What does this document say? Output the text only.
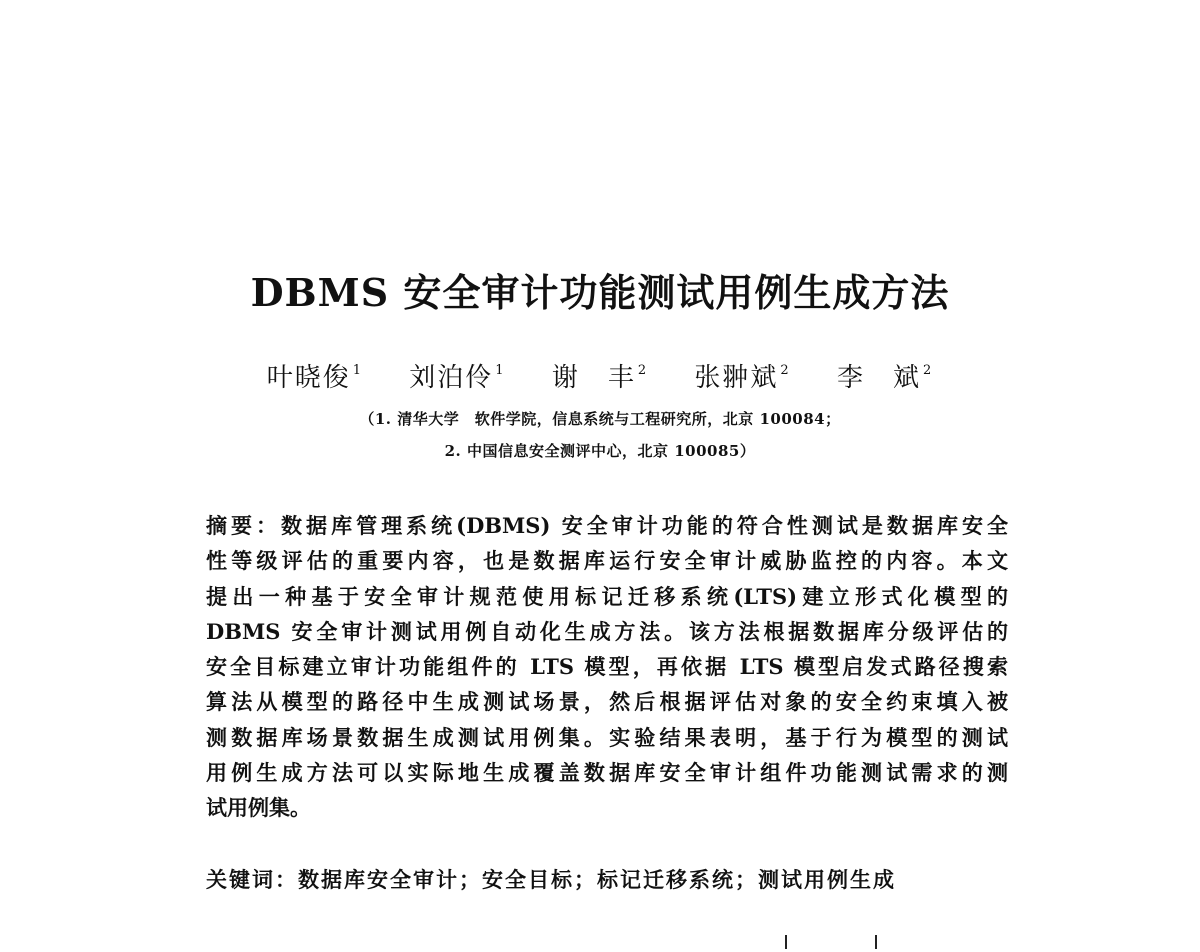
DBMS 安全审计功能测试用例生成方法
叶晓俊 $^1$ 刘泊伶 $^1$ 谢　丰 $^2$ 张翀斌 $^2$ 李　斌 $^2$
（1. 清华大学　软件学院，信息系统与工程研究所，北京 100084；
2. 中国信息安全测评中心，北京 100085）
摘要：数据库管理系统(DBMS) 安全审计功能的符合性测试是数据库安全
性等级评估的重要内容，也是数据库运行安全审计威胁监控的内容。本文
提出一种基于安全审计规范使用标记迁移系统(LTS)建立形式化模型的
DBMS 安全审计测试用例自动化生成方法。该方法根据数据库分级评估的
安全目标建立审计功能组件的 LTS 模型，再依据 LTS 模型启发式路径搜索
算法从模型的路径中生成测试场景，然后根据评估对象的安全约束填入被
测数据库场景数据生成测试用例集。实验结果表明，基于行为模型的测试
用例生成方法可以实际地生成覆盖数据库安全审计组件功能测试需求的测
试用例集。
关键词：数据库安全审计；安全目标；标记迁移系统；测试用例生成
